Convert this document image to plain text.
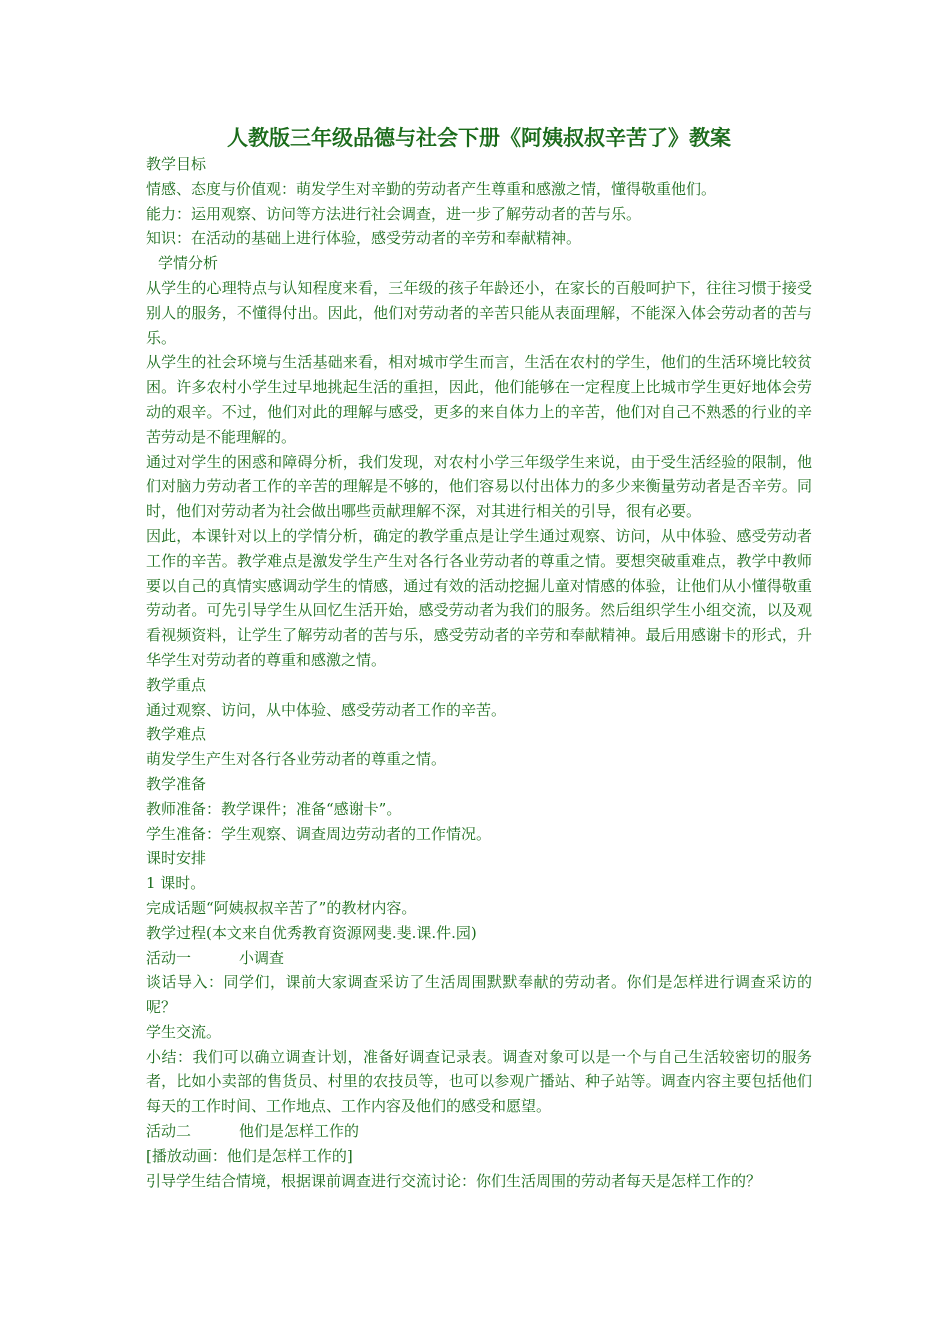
人教版三年级品德与社会下册《阿姨叔叔辛苦了》教案

教学目标

情感、态度与价值观：萌发学生对辛勤的劳动者产生尊重和感激之情，懂得敬重他们。

能力：运用观察、访问等方法进行社会调查，进一步了解劳动者的苦与乐。

知识：在活动的基础上进行体验，感受劳动者的辛劳和奉献精神。

学情分析

从学生的心理特点与认知程度来看，三年级的孩子年龄还小，在家长的百般呵护下，往往习惯于接受别人的服务，不懂得付出。因此，他们对劳动者的辛苦只能从表面理解，不能深入体会劳动者的苦与乐。

从学生的社会环境与生活基础来看，相对城市学生而言，生活在农村的学生，他们的生活环境比较贫困。许多农村小学生过早地挑起生活的重担，因此，他们能够在一定程度上比城市学生更好地体会劳动的艰辛。不过，他们对此的理解与感受，更多的来自体力上的辛苦，他们对自己不熟悉的行业的辛苦劳动是不能理解的。

通过对学生的困惑和障碍分析，我们发现，对农村小学三年级学生来说，由于受生活经验的限制，他们对脑力劳动者工作的辛苦的理解是不够的，他们容易以付出体力的多少来衡量劳动者是否辛劳。同时，他们对劳动者为社会做出哪些贡献理解不深，对其进行相关的引导，很有必要。

因此，本课针对以上的学情分析，确定的教学重点是让学生通过观察、访问，从中体验、感受劳动者工作的辛苦。教学难点是激发学生产生对各行各业劳动者的尊重之情。要想突破重难点，教学中教师要以自己的真情实感调动学生的情感，通过有效的活动挖掘儿童对情感的体验，让他们从小懂得敬重劳动者。可先引导学生从回忆生活开始，感受劳动者为我们的服务。然后组织学生小组交流，以及观看视频资料，让学生了解劳动者的苦与乐，感受劳动者的辛劳和奉献精神。最后用感谢卡的形式，升华学生对劳动者的尊重和感激之情。

教学重点

通过观察、访问，从中体验、感受劳动者工作的辛苦。

教学难点

萌发学生产生对各行各业劳动者的尊重之情。

教学准备

教师准备：教学课件；准备“感谢卡”。

学生准备：学生观察、调查周边劳动者的工作情况。

课时安排

1 课时。

完成话题“阿姨叔叔辛苦了”的教材内容。

教学过程(本文来自优秀教育资源网斐.斐.课.件.园)

活动一	小调查

谈话导入：同学们，课前大家调查采访了生活周围默默奉献的劳动者。你们是怎样进行调查采访的呢？

学生交流。

小结：我们可以确立调查计划，准备好调查记录表。调查对象可以是一个与自己生活较密切的服务者，比如小卖部的售货员、村里的农技员等，也可以参观广播站、种子站等。调查内容主要包括他们每天的工作时间、工作地点、工作内容及他们的感受和愿望。

活动二	他们是怎样工作的

[播放动画：他们是怎样工作的]

引导学生结合情境，根据课前调查进行交流讨论：你们生活周围的劳动者每天是怎样工作的？
